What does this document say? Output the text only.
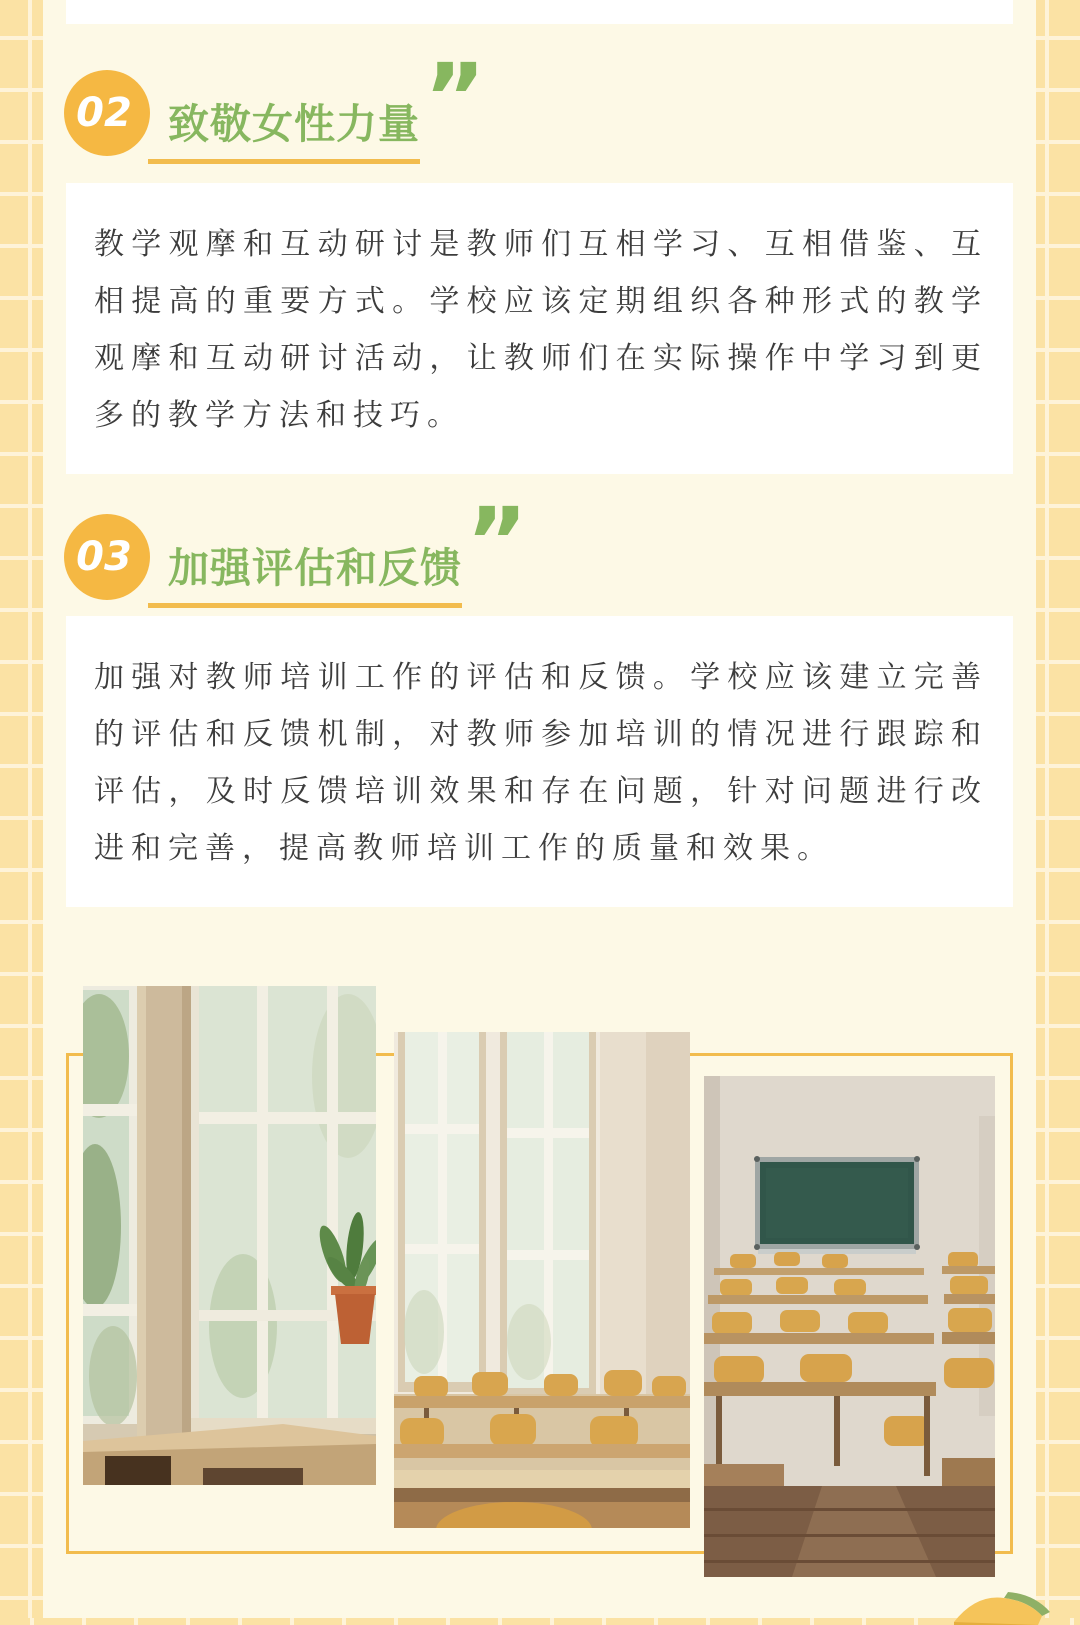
02 致敬女性力量 ”
教学观摩和互动研讨是教师们互相学习、互相借鉴、互
相提高的重要方式。学校应该定期组织各种形式的教学
观摩和互动研讨活动，让教师们在实际操作中学习到更
多的教学方法和技巧。
03 加强评估和反馈 ”
加强对教师培训工作的评估和反馈。学校应该建立完善
的评估和反馈机制，对教师参加培训的情况进行跟踪和
评估，及时反馈培训效果和存在问题，针对问题进行改
进和完善，提高教师培训工作的质量和效果。
